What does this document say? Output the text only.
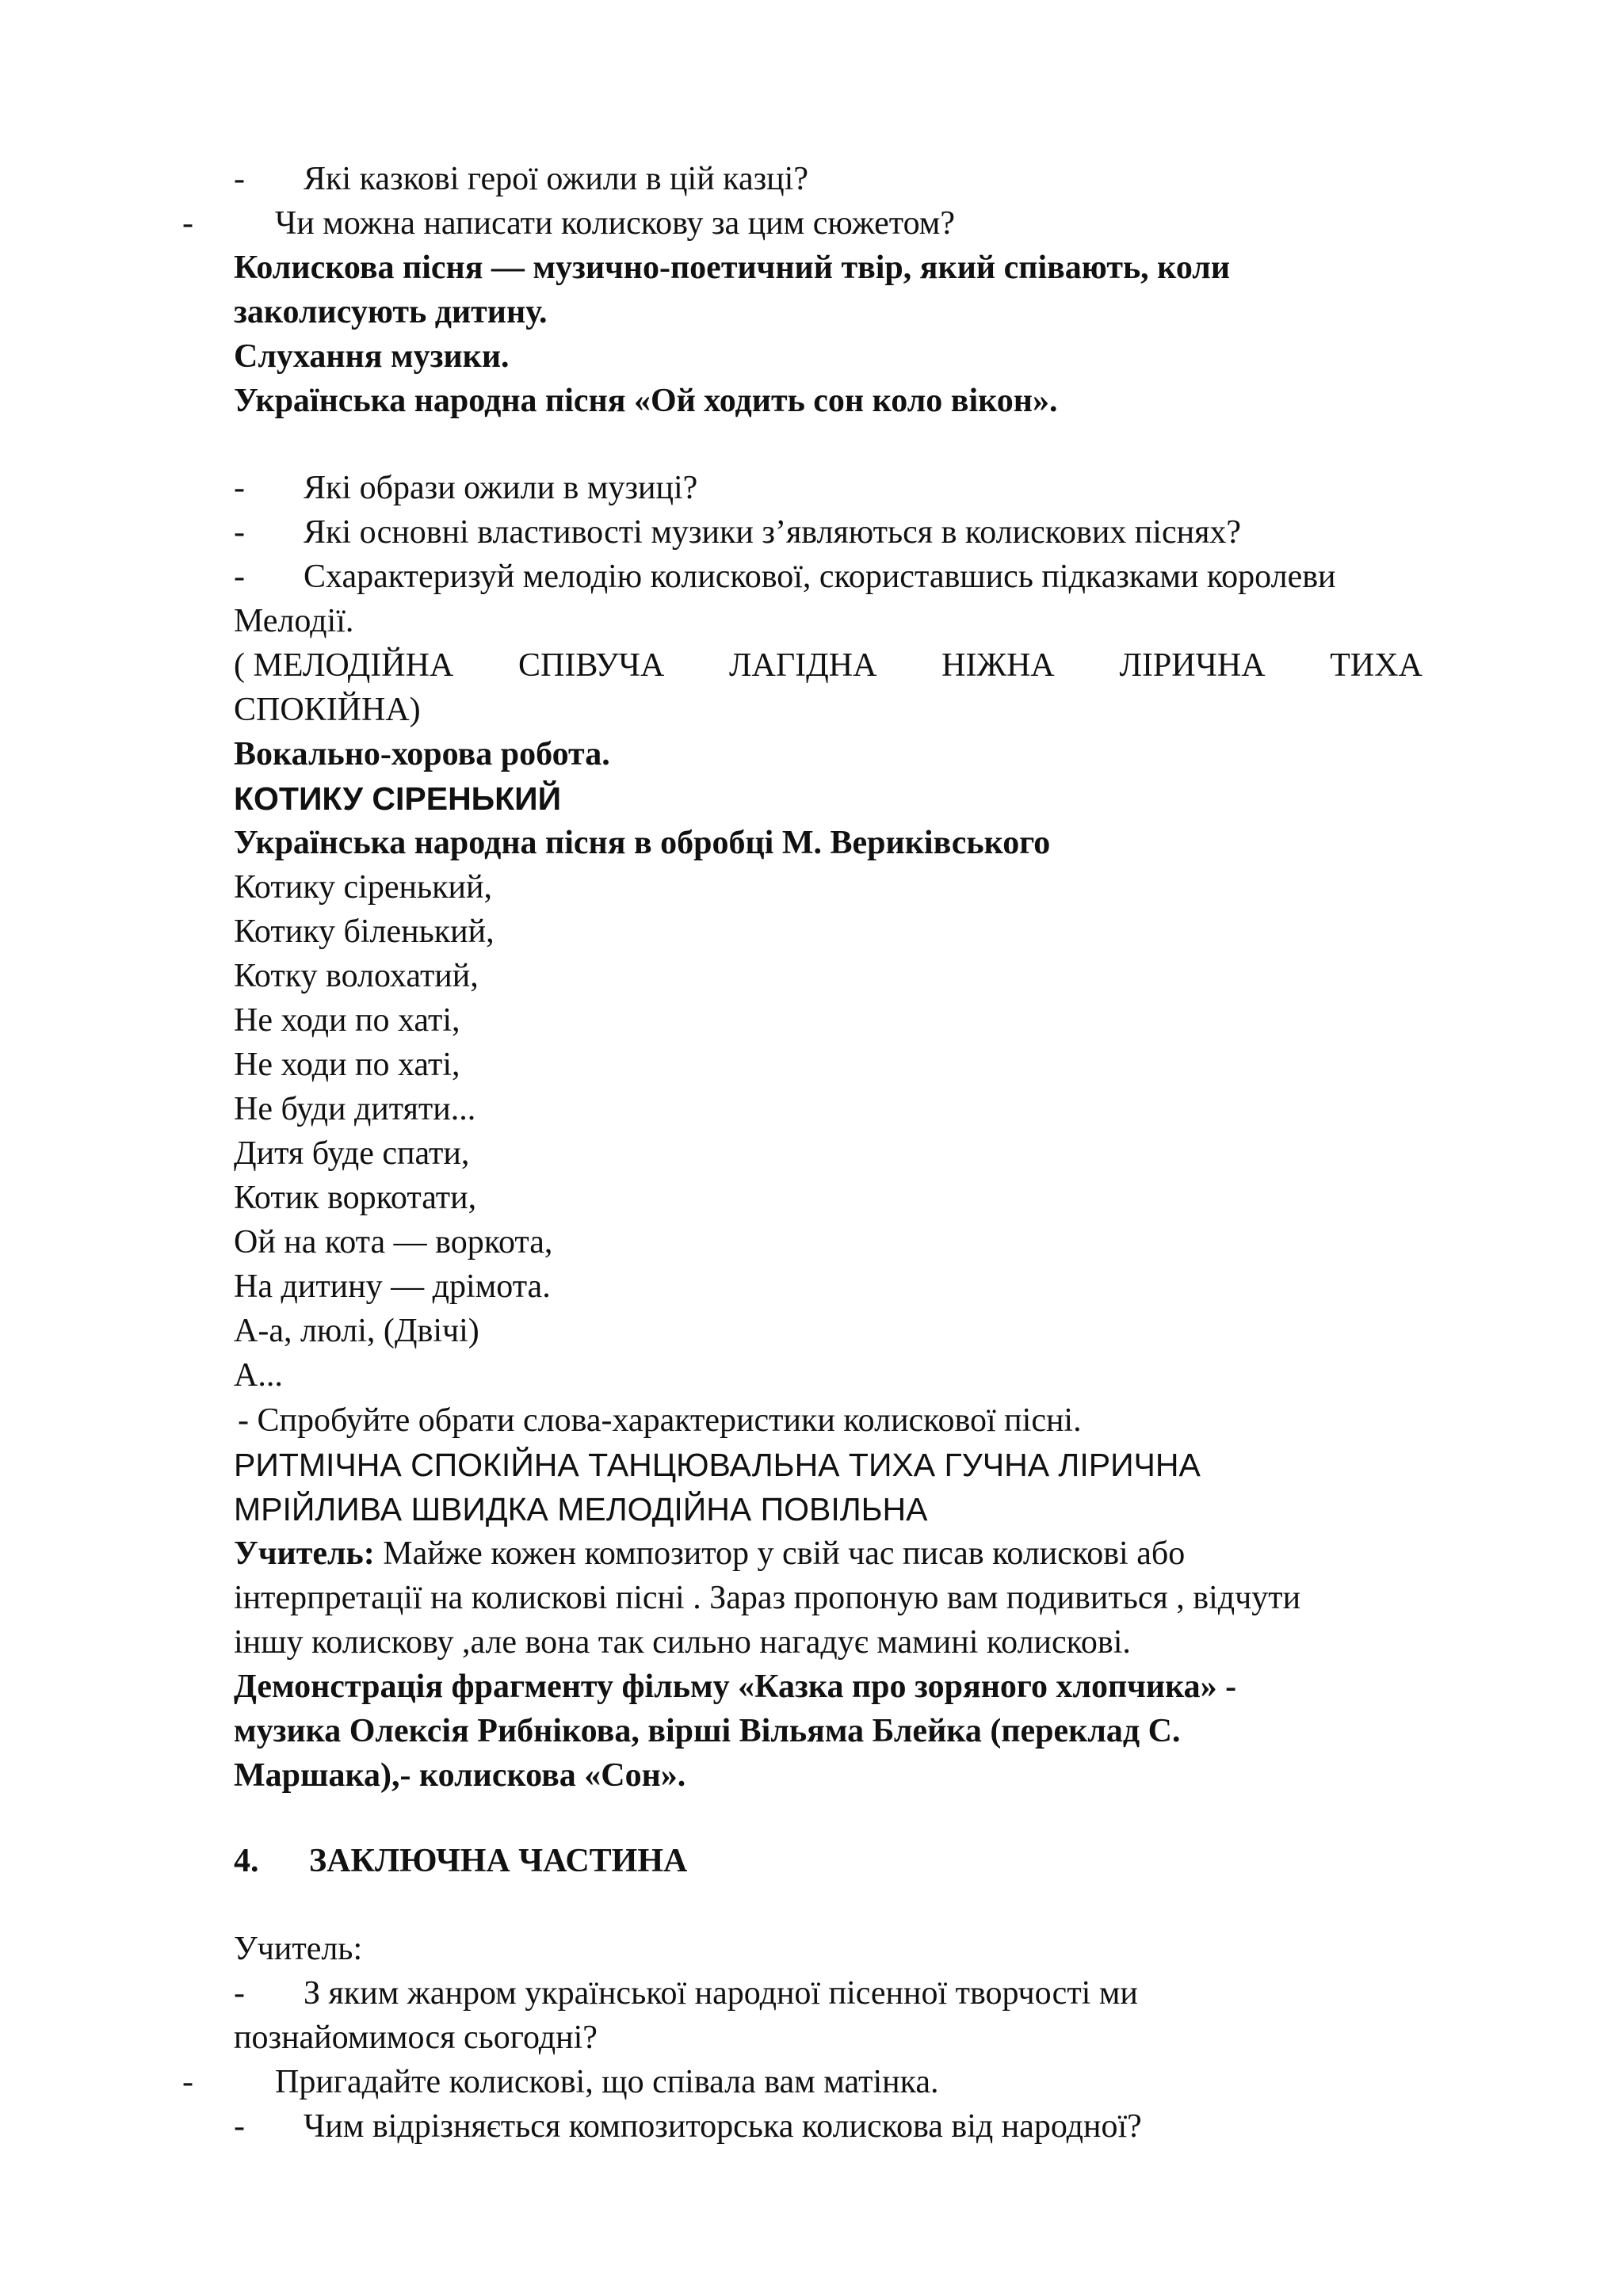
- Які казкові герої ожили в цій казці?
- Чи можна написати колискову за цим сюжетом?
Колискова пісня — музично-поетичний твір, який співають, коли
заколисують дитину.
Слухання музики.
Українська народна пісня «Ой ходить сон коло вікон».
- Які образи ожили в музиці?
- Які основні властивості музики з’являються в колискових піснях?
- Схарактеризуй мелодію колискової, скориставшись підказками королеви
Мелодії.
( МЕЛОДІЙНА СПІВУЧА ЛАГІДНА НІЖНА ЛІРИЧНА ТИХА
СПОКІЙНА)
Вокально-хорова робота.
КОТИКУ СІРЕНЬКИЙ
Українська народна пісня в обробці М. Вериківського
Котику сіренький,
Котику біленький,
Котку волохатий,
Не ходи по хаті,
Не ходи по хаті,
Не буди дитяти...
Дитя буде спати,
Котик воркотати,
Ой на кота — воркота,
На дитину — дрімота.
А-а, люлі, (Двічі)
А...
- Спробуйте обрати слова-характеристики колискової пісні.
РИТМІЧНА СПОКІЙНА ТАНЦЮВАЛЬНА ТИХА ГУЧНА ЛІРИЧНА
МРІЙЛИВА ШВИДКА МЕЛОДІЙНА ПОВІЛЬНА
Учитель: Майже кожен композитор у свій час писав колискові або
інтерпретації на колискові пісні . Зараз пропоную вам подивиться , відчути
іншу колискову ,але вона так сильно нагадує мамині колискові.
Демонстрація фрагменту фільму «Казка про зоряного хлопчика» -
музика Олексія Рибнікова, вірші Вільяма Блейка (переклад С.
Маршака),- колискова «Сон».
4. ЗАКЛЮЧНА ЧАСТИНА
Учитель:
- З яким жанром української народної пісенної творчості ми
познайомимося сьогодні?
- Пригадайте колискові, що співала вам матінка.
- Чим відрізняється композиторська колискова від народної?
